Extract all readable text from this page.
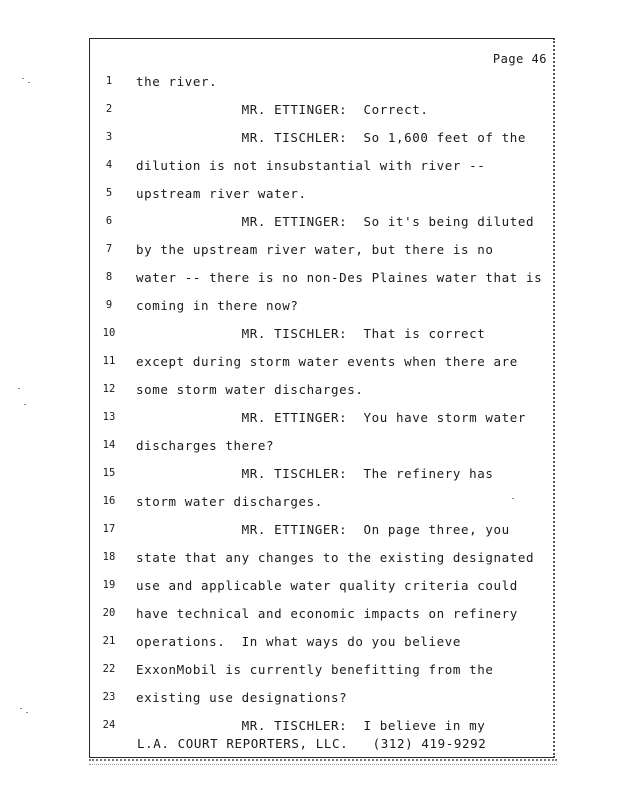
Page 46
1	the river.
2	MR. ETTINGER:  Correct.
3	MR. TISCHLER:  So 1,600 feet of the
4	dilution is not insubstantial with river --
5	upstream river water.
6	MR. ETTINGER:  So it's being diluted
7	by the upstream river water, but there is no
8	water -- there is no non-Des Plaines water that is
9	coming in there now?
10	MR. TISCHLER:  That is correct
11	except during storm water events when there are
12	some storm water discharges.
13	MR. ETTINGER:  You have storm water
14	discharges there?
15	MR. TISCHLER:  The refinery has
16	storm water discharges.
17	MR. ETTINGER:  On page three, you
18	state that any changes to the existing designated
19	use and applicable water quality criteria could
20	have technical and economic impacts on refinery
21	operations.  In what ways do you believe
22	ExxonMobil is currently benefitting from the
23	existing use designations?
24	MR. TISCHLER:  I believe in my
L.A. COURT REPORTERS, LLC.   (312) 419-9292
